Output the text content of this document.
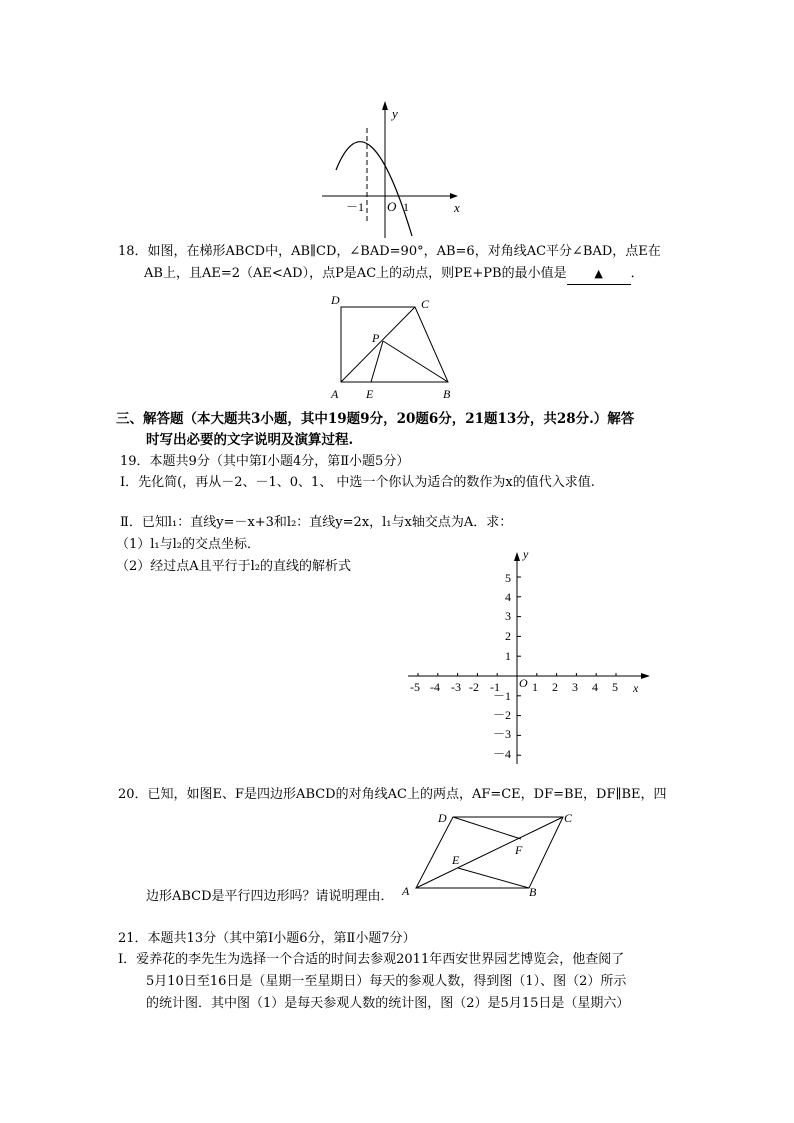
y
x
O
－1	1
18．如图，在梯形ABCD中，AB∥CD，∠BAD=90°，AB=6，对角线AC平分∠BAD，点E在
AB上，且AE=2（AE<AD），点P是AC上的动点，则PE+PB的最小值是	▲ ．
D	C
P
A E	B
三、解答题（本大题共3小题，其中19题9分，20题6分，21题13分，共28分.）解答
时写出必要的文字说明及演算过程.
19．本题共9分（其中第Ⅰ小题4分，第Ⅱ小题5分）
Ⅰ．先化简(，再从－2、－1、0、1、 中选一个你认为适合的数作为x的值代入求值.
Ⅱ．已知l₁：直线y=－x+3和l₂：直线y=2x，l₁与x轴交点为A．求：
（1）l₁与l₂的交点坐标．
（2）经过点A且平行于l₂的直线的解析式
y
x
O
-5 -4 -3 -2 -1	1 2 3 4 5
5
4
3
2
1
－1
－2
－3
－4
20．已知，如图E、F是四边形ABCD的对角线AC上的两点，AF=CE，DF=BE，DF∥BE，四
D	C
F
E
A	B
边形ABCD是平行四边形吗？请说明理由．
21．本题共13分（其中第Ⅰ小题6分，第Ⅱ小题7分）
Ⅰ．爱养花的李先生为选择一个合适的时间去参观2011年西安世界园艺博览会，他查阅了
5月10日至16日是（星期一至星期日）每天的参观人数，得到图（1）、图（2）所示
的统计图．其中图（1）是每天参观人数的统计图，图（2）是5月15日是（星期六）
